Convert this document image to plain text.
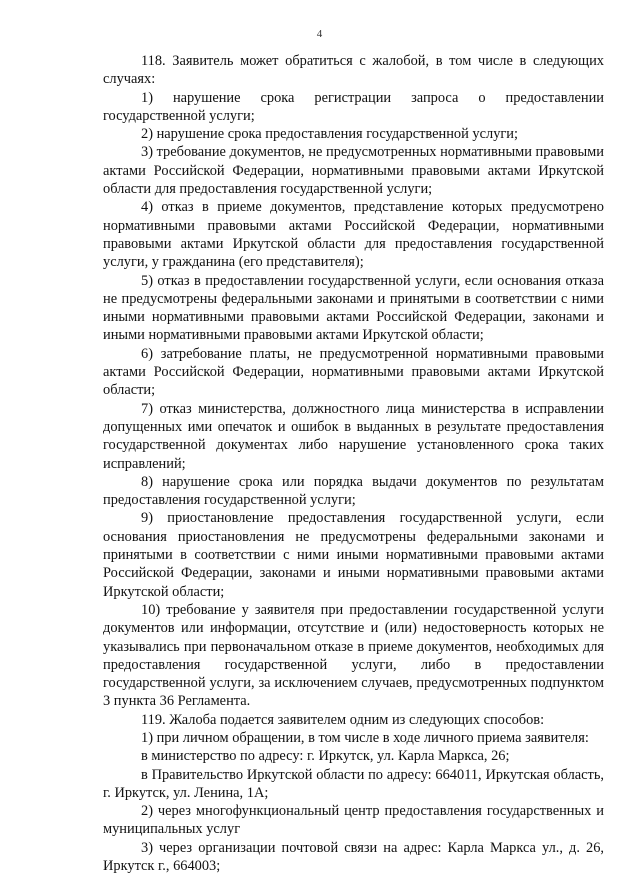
4

118. Заявитель может обратиться с жалобой, в том числе в следующих случаях:

1) нарушение срока регистрации запроса о предоставлении государственной услуги;

2) нарушение срока предоставления государственной услуги;

3) требование документов, не предусмотренных нормативными правовыми актами Российской Федерации, нормативными правовыми актами Иркутской области для предоставления государственной услуги;

4) отказ в приеме документов, представление которых предусмотрено нормативными правовыми актами Российской Федерации, нормативными правовыми актами Иркутской области для предоставления государственной услуги, у гражданина (его представителя);

5) отказ в предоставлении государственной услуги, если основания отказа не предусмотрены федеральными законами и принятыми в соответствии с ними иными нормативными правовыми актами Российской Федерации, законами и иными нормативными правовыми актами Иркутской области;

6) затребование платы, не предусмотренной нормативными правовыми актами Российской Федерации, нормативными правовыми актами Иркутской области;

7) отказ министерства, должностного лица министерства в исправлении допущенных ими опечаток и ошибок в выданных в результате предоставления государственной документах либо нарушение установленного срока таких исправлений;

8) нарушение срока или порядка выдачи документов по результатам предоставления государственной услуги;

9) приостановление предоставления государственной услуги, если основания приостановления не предусмотрены федеральными законами и принятыми в соответствии с ними иными нормативными правовыми актами Российской Федерации, законами и иными нормативными правовыми актами Иркутской области;

10) требование у заявителя при предоставлении государственной услуги документов или информации, отсутствие и (или) недостоверность которых не указывались при первоначальном отказе в приеме документов, необходимых для предоставления государственной услуги, либо в предоставлении государственной услуги, за исключением случаев, предусмотренных подпунктом 3 пункта 36 Регламента.

119. Жалоба подается заявителем одним из следующих способов:

1) при личном обращении, в том числе в ходе личного приема заявителя:

в министерство по адресу: г. Иркутск, ул. Карла Маркса, 26;

в Правительство Иркутской области по адресу: 664011, Иркутская область, г. Иркутск, ул. Ленина, 1А;

2) через многофункциональный центр предоставления государственных и муниципальных услуг

3) через организации почтовой связи на адрес: Карла Маркса ул., д. 26, Иркутск г., 664003;
